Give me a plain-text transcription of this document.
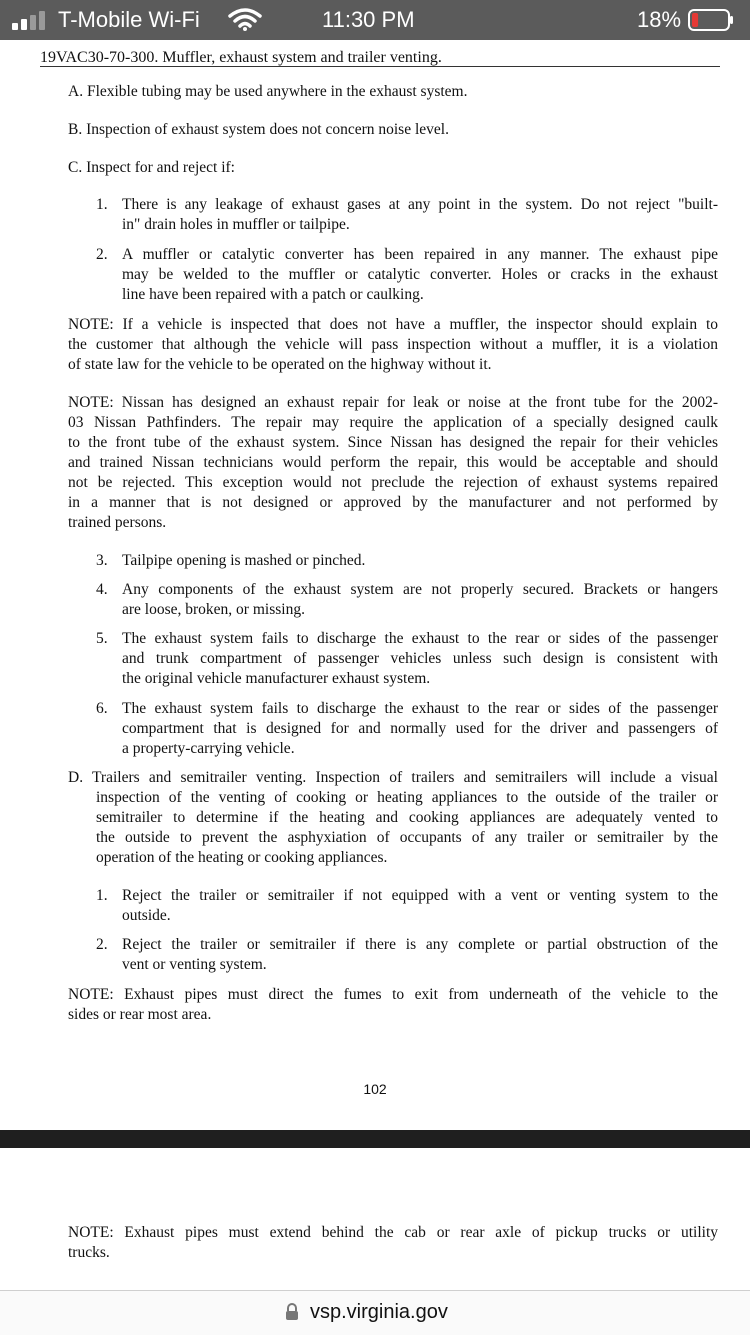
T-Mobile Wi-Fi	11:30 PM	18%
19VAC30-70-300. Muffler, exhaust system and trailer venting.
A. Flexible tubing may be used anywhere in the exhaust system.
B. Inspection of exhaust system does not concern noise level.
C. Inspect for and reject if:
1. There is any leakage of exhaust gases at any point in the system. Do not reject "built-
in" drain holes in muffler or tailpipe.
2. A muffler or catalytic converter has been repaired in any manner. The exhaust pipe
may be welded to the muffler or catalytic converter. Holes or cracks in the exhaust
line have been repaired with a patch or caulking.
NOTE: If a vehicle is inspected that does not have a muffler, the inspector should explain to
the customer that although the vehicle will pass inspection without a muffler, it is a violation
of state law for the vehicle to be operated on the highway without it.
NOTE: Nissan has designed an exhaust repair for leak or noise at the front tube for the 2002-
03 Nissan Pathfinders. The repair may require the application of a specially designed caulk
to the front tube of the exhaust system. Since Nissan has designed the repair for their vehicles
and trained Nissan technicians would perform the repair, this would be acceptable and should
not be rejected. This exception would not preclude the rejection of exhaust systems repaired
in a manner that is not designed or approved by the manufacturer and not performed by
trained persons.
3. Tailpipe opening is mashed or pinched.
4. Any components of the exhaust system are not properly secured. Brackets or hangers
are loose, broken, or missing.
5. The exhaust system fails to discharge the exhaust to the rear or sides of the passenger
and trunk compartment of passenger vehicles unless such design is consistent with
the original vehicle manufacturer exhaust system.
6. The exhaust system fails to discharge the exhaust to the rear or sides of the passenger
compartment that is designed for and normally used for the driver and passengers of
a property-carrying vehicle.
D. Trailers and semitrailer venting. Inspection of trailers and semitrailers will include a visual
inspection of the venting of cooking or heating appliances to the outside of the trailer or
semitrailer to determine if the heating and cooking appliances are adequately vented to
the outside to prevent the asphyxiation of occupants of any trailer or semitrailer by the
operation of the heating or cooking appliances.
1. Reject the trailer or semitrailer if not equipped with a vent or venting system to the
outside.
2. Reject the trailer or semitrailer if there is any complete or partial obstruction of the
vent or venting system.
NOTE: Exhaust pipes must direct the fumes to exit from underneath of the vehicle to the
sides or rear most area.
102
NOTE: Exhaust pipes must extend behind the cab or rear axle of pickup trucks or utility
trucks.
vsp.virginia.gov
